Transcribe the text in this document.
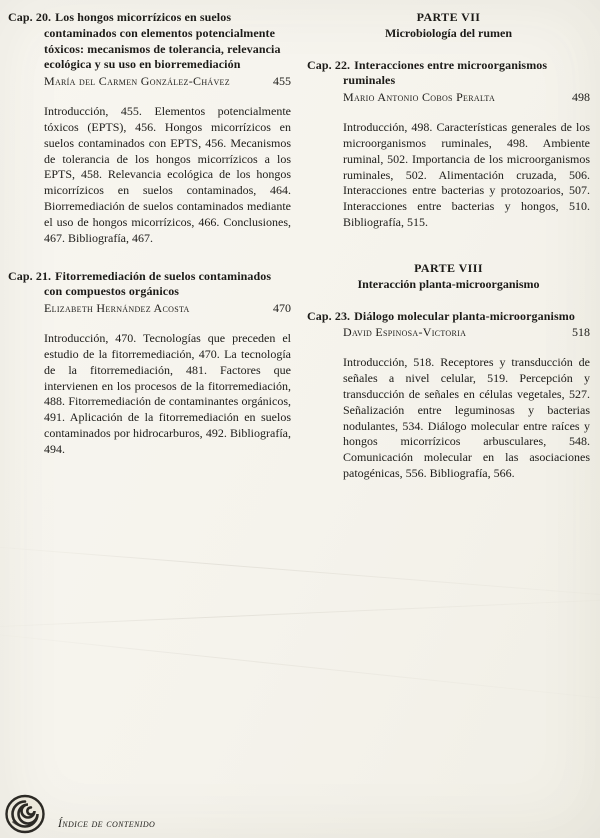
Cap. 20. Los hongos micorrízicos en suelos contaminados con elementos potencialmente tóxicos: mecanismos de tolerancia, relevancia ecológica y su uso en biorremediación
María del Carmen González-Chávez	455

Introducción, 455. Elementos potencialmente tóxicos (EPTS), 456. Hongos micorrízicos en suelos contaminados con EPTS, 456. Mecanismos de tolerancia de los hongos micorrízicos a los EPTS, 458. Relevancia ecológica de los hongos micorrízicos en suelos contaminados, 464. Biorremediación de suelos contaminados mediante el uso de hongos micorrízicos, 466. Conclusiones, 467. Bibliografía, 467.

Cap. 21. Fitorremediación de suelos contaminados con compuestos orgánicos
Elizabeth Hernández Acosta	470

Introducción, 470. Tecnologías que preceden el estudio de la fitorremediación, 470. La tecnología de la fitorremediación, 481. Factores que intervienen en los procesos de la fitorremediación, 488. Fitorremediación de contaminantes orgánicos, 491. Aplicación de la fitorremediación en suelos contaminados por hidrocarburos, 492. Bibliografía, 494.

PARTE VII
Microbiología del rumen
Cap. 22. Interacciones entre microorganismos ruminales
Mario Antonio Cobos Peralta	498

Introducción, 498. Características generales de los microorganismos ruminales, 498. Ambiente ruminal, 502. Importancia de los microorganismos ruminales, 502. Alimentación cruzada, 506. Interacciones entre bacterias y protozoarios, 507. Interacciones entre bacterias y hongos, 510. Bibliografía, 515.

PARTE VIII
Interacción planta-microorganismo
Cap. 23. Diálogo molecular planta-microorganismo
David Espinosa-Victoria	518

Introducción, 518. Receptores y transducción de señales a nivel celular, 519. Percepción y transducción de señales en células vegetales, 527. Señalización entre leguminosas y bacterias nodulantes, 534. Diálogo molecular entre raíces y hongos micorrízicos arbusculares, 548. Comunicación molecular en las asociaciones patogénicas, 556. Bibliografía, 566.

Índice de contenido
